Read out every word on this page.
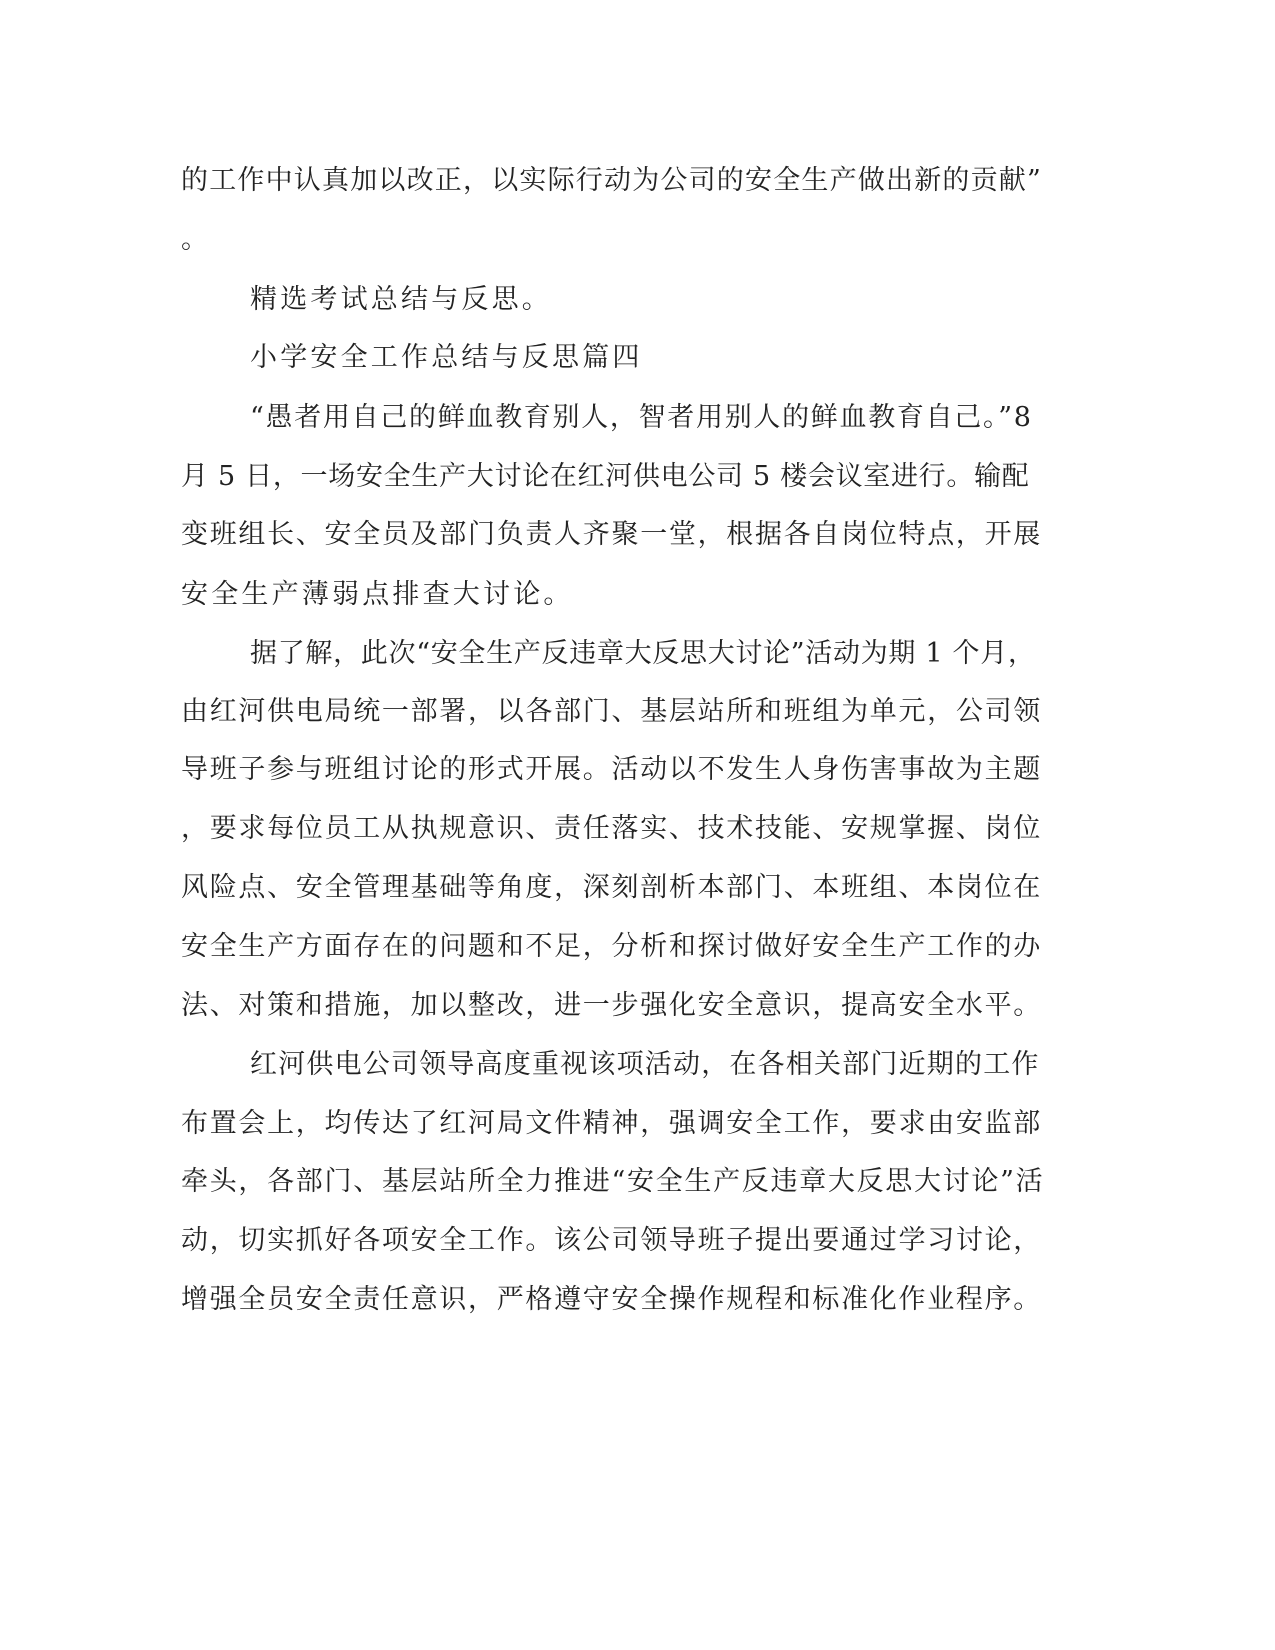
的工作中认真加以改正，以实际行动为公司的安全生产做出新的贡献”

。

精选考试总结与反思。

小学安全工作总结与反思篇四

“愚者用自己的鲜血教育别人，智者用别人的鲜血教育自己。”8

月 5 日，一场安全生产大讨论在红河供电公司 5 楼会议室进行。输配

变班组长、安全员及部门负责人齐聚一堂，根据各自岗位特点，开展

安全生产薄弱点排查大讨论。

据了解，此次“安全生产反违章大反思大讨论”活动为期 1 个月，

由红河供电局统一部署，以各部门、基层站所和班组为单元，公司领

导班子参与班组讨论的形式开展。活动以不发生人身伤害事故为主题

，要求每位员工从执规意识、责任落实、技术技能、安规掌握、岗位

风险点、安全管理基础等角度，深刻剖析本部门、本班组、本岗位在

安全生产方面存在的问题和不足，分析和探讨做好安全生产工作的办

法、对策和措施，加以整改，进一步强化安全意识，提高安全水平。

红河供电公司领导高度重视该项活动，在各相关部门近期的工作

布置会上，均传达了红河局文件精神，强调安全工作，要求由安监部

牵头，各部门、基层站所全力推进“安全生产反违章大反思大讨论”活

动，切实抓好各项安全工作。该公司领导班子提出要通过学习讨论，

增强全员安全责任意识，严格遵守安全操作规程和标准化作业程序。
